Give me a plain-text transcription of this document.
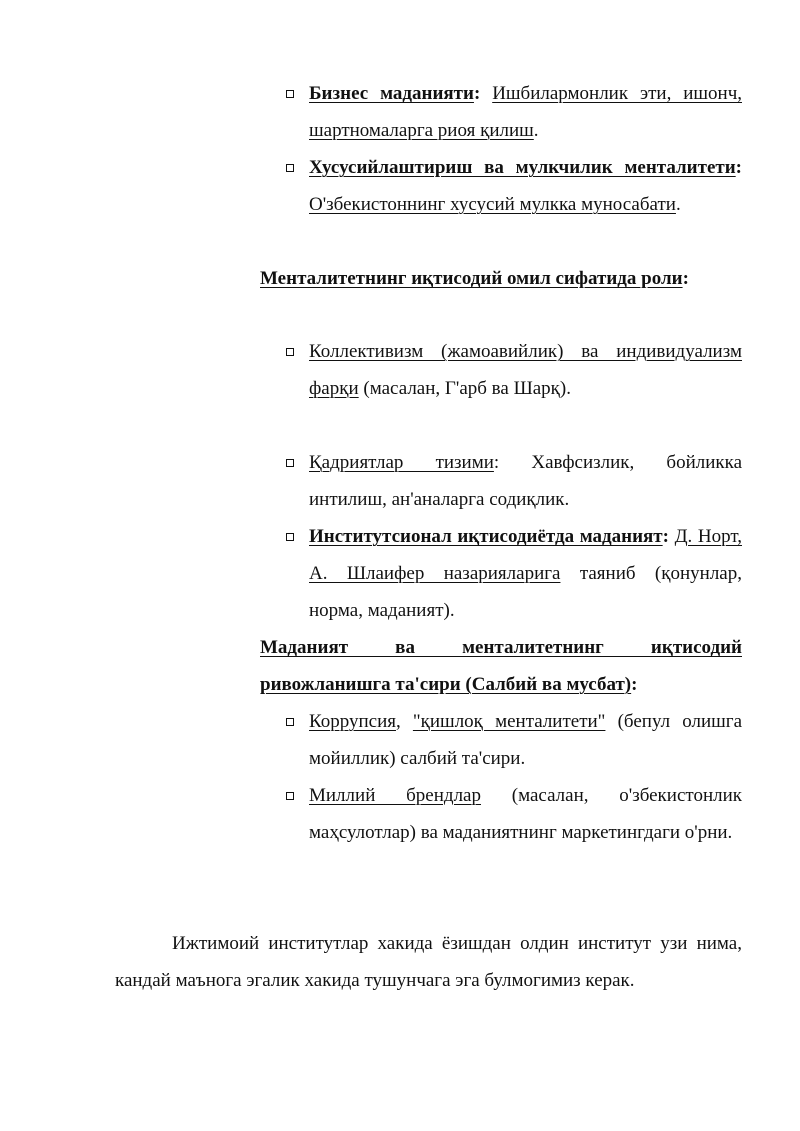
Бизнес маданияти: Ишбилармонлик эти, ишонч, шартномаларга риоя қилиш.

Хусусийлаштириш ва мулкчилик менталитети: O'збекистоннинг хусусий мулкка муносабати.

Менталитетнинг иқтисодий омил сифатида роли:

Коллективизм (жамоавийлик) ва индивидуализм фарқи (масалан, Г'арб ва Шарқ).

Қадриятлар тизими: Хавфсизлик, бойликка интилиш, ан'аналарга содиқлик.

Институтсионал иқтисодиётда маданият: Д. Норт, А. Шлаифер назарияларига таяниб (қонунлар, норма, маданият).

Маданият ва менталитетнинг иқтисодий ривожланишга та'сири (Салбий ва мусбат):

Коррупсия, "қишлоқ менталитети" (бепул олишга мойиллик) салбий та'сири.

Миллий брендлар (масалан, o'збекистонлик маҳсулотлар) ва маданиятнинг маркетингдаги o'рни.

Ижтимоий институтлар хакида ёзишдан олдин институт узи нима, кандай маънога эгалик хакида тушунчага эга булмогимиз керак.
